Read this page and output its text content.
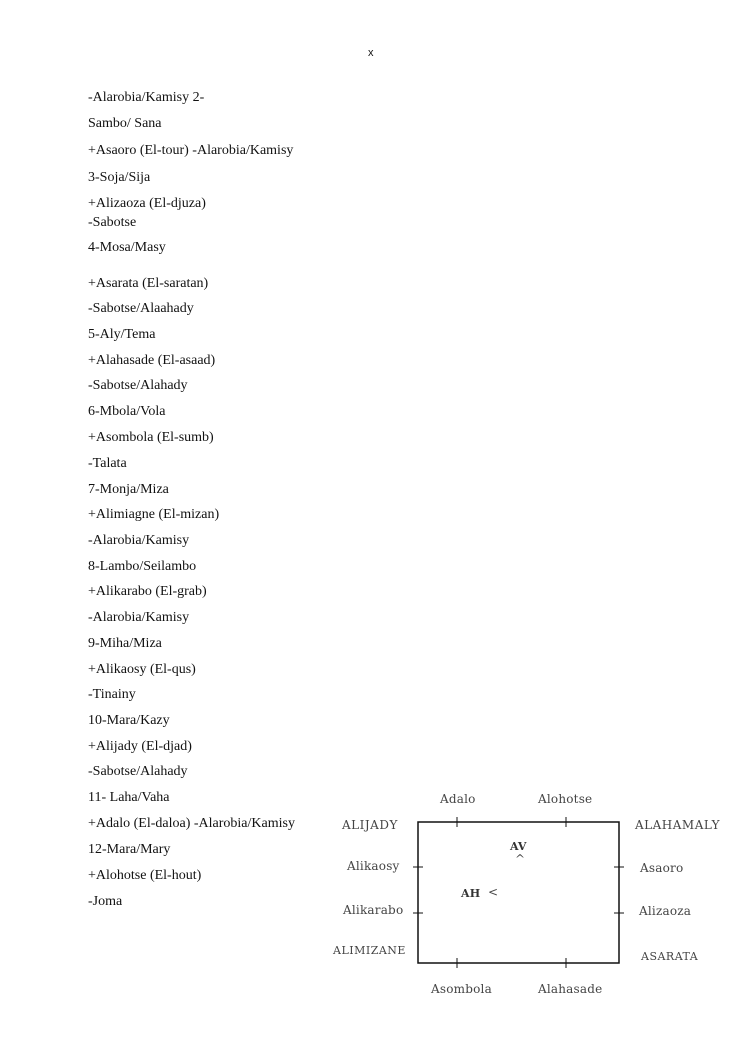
x
-Alarobia/Kamisy 2-
Sambo/ Sana
+Asaoro (El-tour) -Alarobia/Kamisy
3-Soja/Sija
+Alizaoza (El-djuza)
-Sabotse
4-Mosa/Masy
+Asarata (El-saratan)
-Sabotse/Alaahady
5-Aly/Tema
+Alahasade (El-asaad)
-Sabotse/Alahady
6-Mbola/Vola
+Asombola (El-sumb)
-Talata
7-Monja/Miza
+Alimiagne (El-mizan)
-Alarobia/Kamisy
8-Lambo/Seilambo
+Alikarabo (El-grab)
-Alarobia/Kamisy
9-Miha/Miza
+Alikaosy (El-qus)
-Tinainy
10-Mara/Kazy
+Alijady (El-djad)
-Sabotse/Alahady
11- Laha/Vaha
+Adalo (El-daloa) -Alarobia/Kamisy
12-Mara/Mary
+Alohotse (El-hout)
-Joma
Adalo	Alohotse
ALIJADY
Alikaosy
Alikarabo
ALIMIZANE
ALAHAMALY
Asaoro
Alizaoza
ASARATA
Asombola	Alahasade
AV
^
AH <
